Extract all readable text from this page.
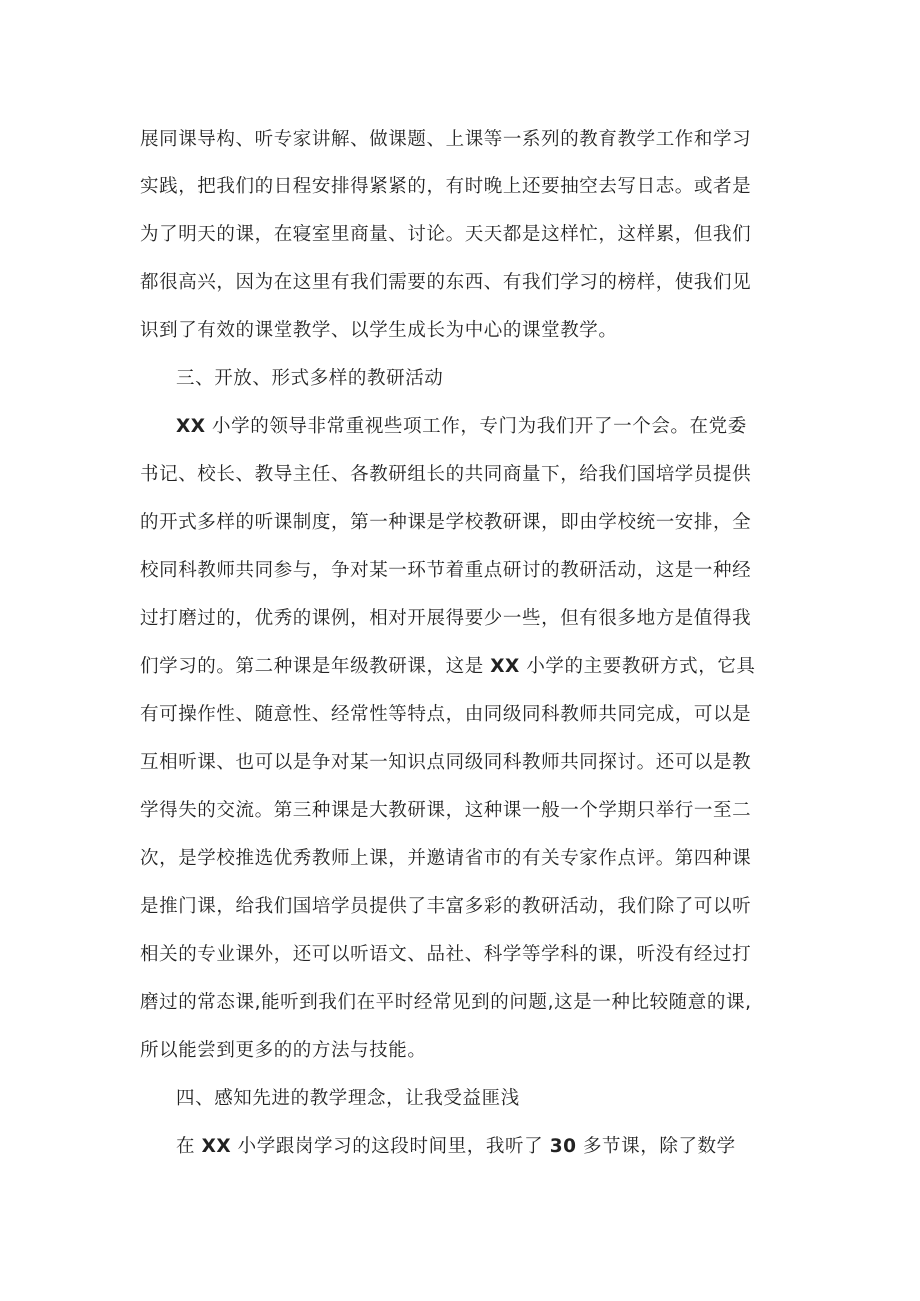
展同课导构、听专家讲解、做课题、上课等一系列的教育教学工作和学习
实践，把我们的日程安排得紧紧的，有时晚上还要抽空去写日志。或者是
为了明天的课，在寝室里商量、讨论。天天都是这样忙，这样累，但我们
都很高兴，因为在这里有我们需要的东西、有我们学习的榜样，使我们见
识到了有效的课堂教学、以学生成长为中心的课堂教学。
三、开放、形式多样的教研活动
XX 小学的领导非常重视些项工作，专门为我们开了一个会。在党委
书记、校长、教导主任、各教研组长的共同商量下，给我们国培学员提供
的开式多样的听课制度，第一种课是学校教研课，即由学校统一安排，全
校同科教师共同参与，争对某一环节着重点研讨的教研活动，这是一种经
过打磨过的，优秀的课例，相对开展得要少一些，但有很多地方是值得我
们学习的。第二种课是年级教研课，这是 XX 小学的主要教研方式，它具
有可操作性、随意性、经常性等特点，由同级同科教师共同完成，可以是
互相听课、也可以是争对某一知识点同级同科教师共同探讨。还可以是教
学得失的交流。第三种课是大教研课，这种课一般一个学期只举行一至二
次，是学校推选优秀教师上课，并邀请省市的有关专家作点评。第四种课
是推门课，给我们国培学员提供了丰富多彩的教研活动，我们除了可以听
相关的专业课外，还可以听语文、品社、科学等学科的课，听没有经过打
磨过的常态课,能听到我们在平时经常见到的问题,这是一种比较随意的课,
所以能尝到更多的的方法与技能。
四、感知先进的教学理念，让我受益匪浅
在 XX 小学跟岗学习的这段时间里，我听了 30 多节课，除了数学
